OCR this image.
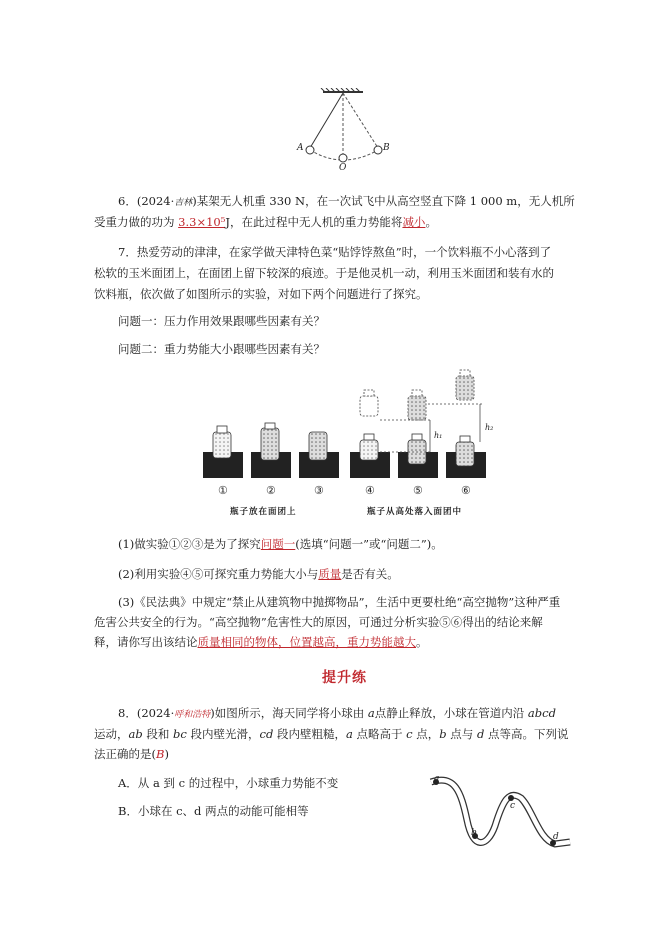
A
O
B
6．(2024·吉林)某架无人机重 330 N，在一次试飞中从高空竖直下降 1 000 m，无人机所
受重力做的功为 3.3×10⁵J，在此过程中无人机的重力势能将减小。
7．热爱劳动的津津，在家学做天津特色菜“贴饽饽熬鱼”时，一个饮料瓶不小心落到了
松软的玉米面团上，在面团上留下较深的痕迹。于是他灵机一动，利用玉米面团和装有水的
饮料瓶，依次做了如图所示的实验，对如下两个问题进行了探究。
问题一：压力作用效果跟哪些因素有关？
问题二：重力势能大小跟哪些因素有关？
h₁
h₂
①	②	③	④	⑤	⑥
瓶子放在面团上	瓶子从高处落入面团中
(1)做实验①②③是为了探究问题一(选填“问题一”或“问题二”)。
(2)利用实验④⑤可探究重力势能大小与质量是否有关。
(3)《民法典》中规定“禁止从建筑物中抛掷物品”，生活中更要杜绝“高空抛物”这种严重
危害公共安全的行为。“高空抛物”危害性大的原因，可通过分析实验⑤⑥得出的结论来解
释，请你写出该结论质量相同的物体，位置越高，重力势能越大。
提升练
8．(2024·呼和浩特)如图所示，海天同学将小球由 a点静止释放，小球在管道内沿 abcd
运动，ab 段和 bc 段内壁光滑，cd 段内壁粗糙，a 点略高于 c 点，b 点与 d 点等高。下列说
法正确的是(B)
A．从 a 到 c 的过程中，小球重力势能不变
B．小球在 c、d 两点的动能可能相等
a
b
c
d
